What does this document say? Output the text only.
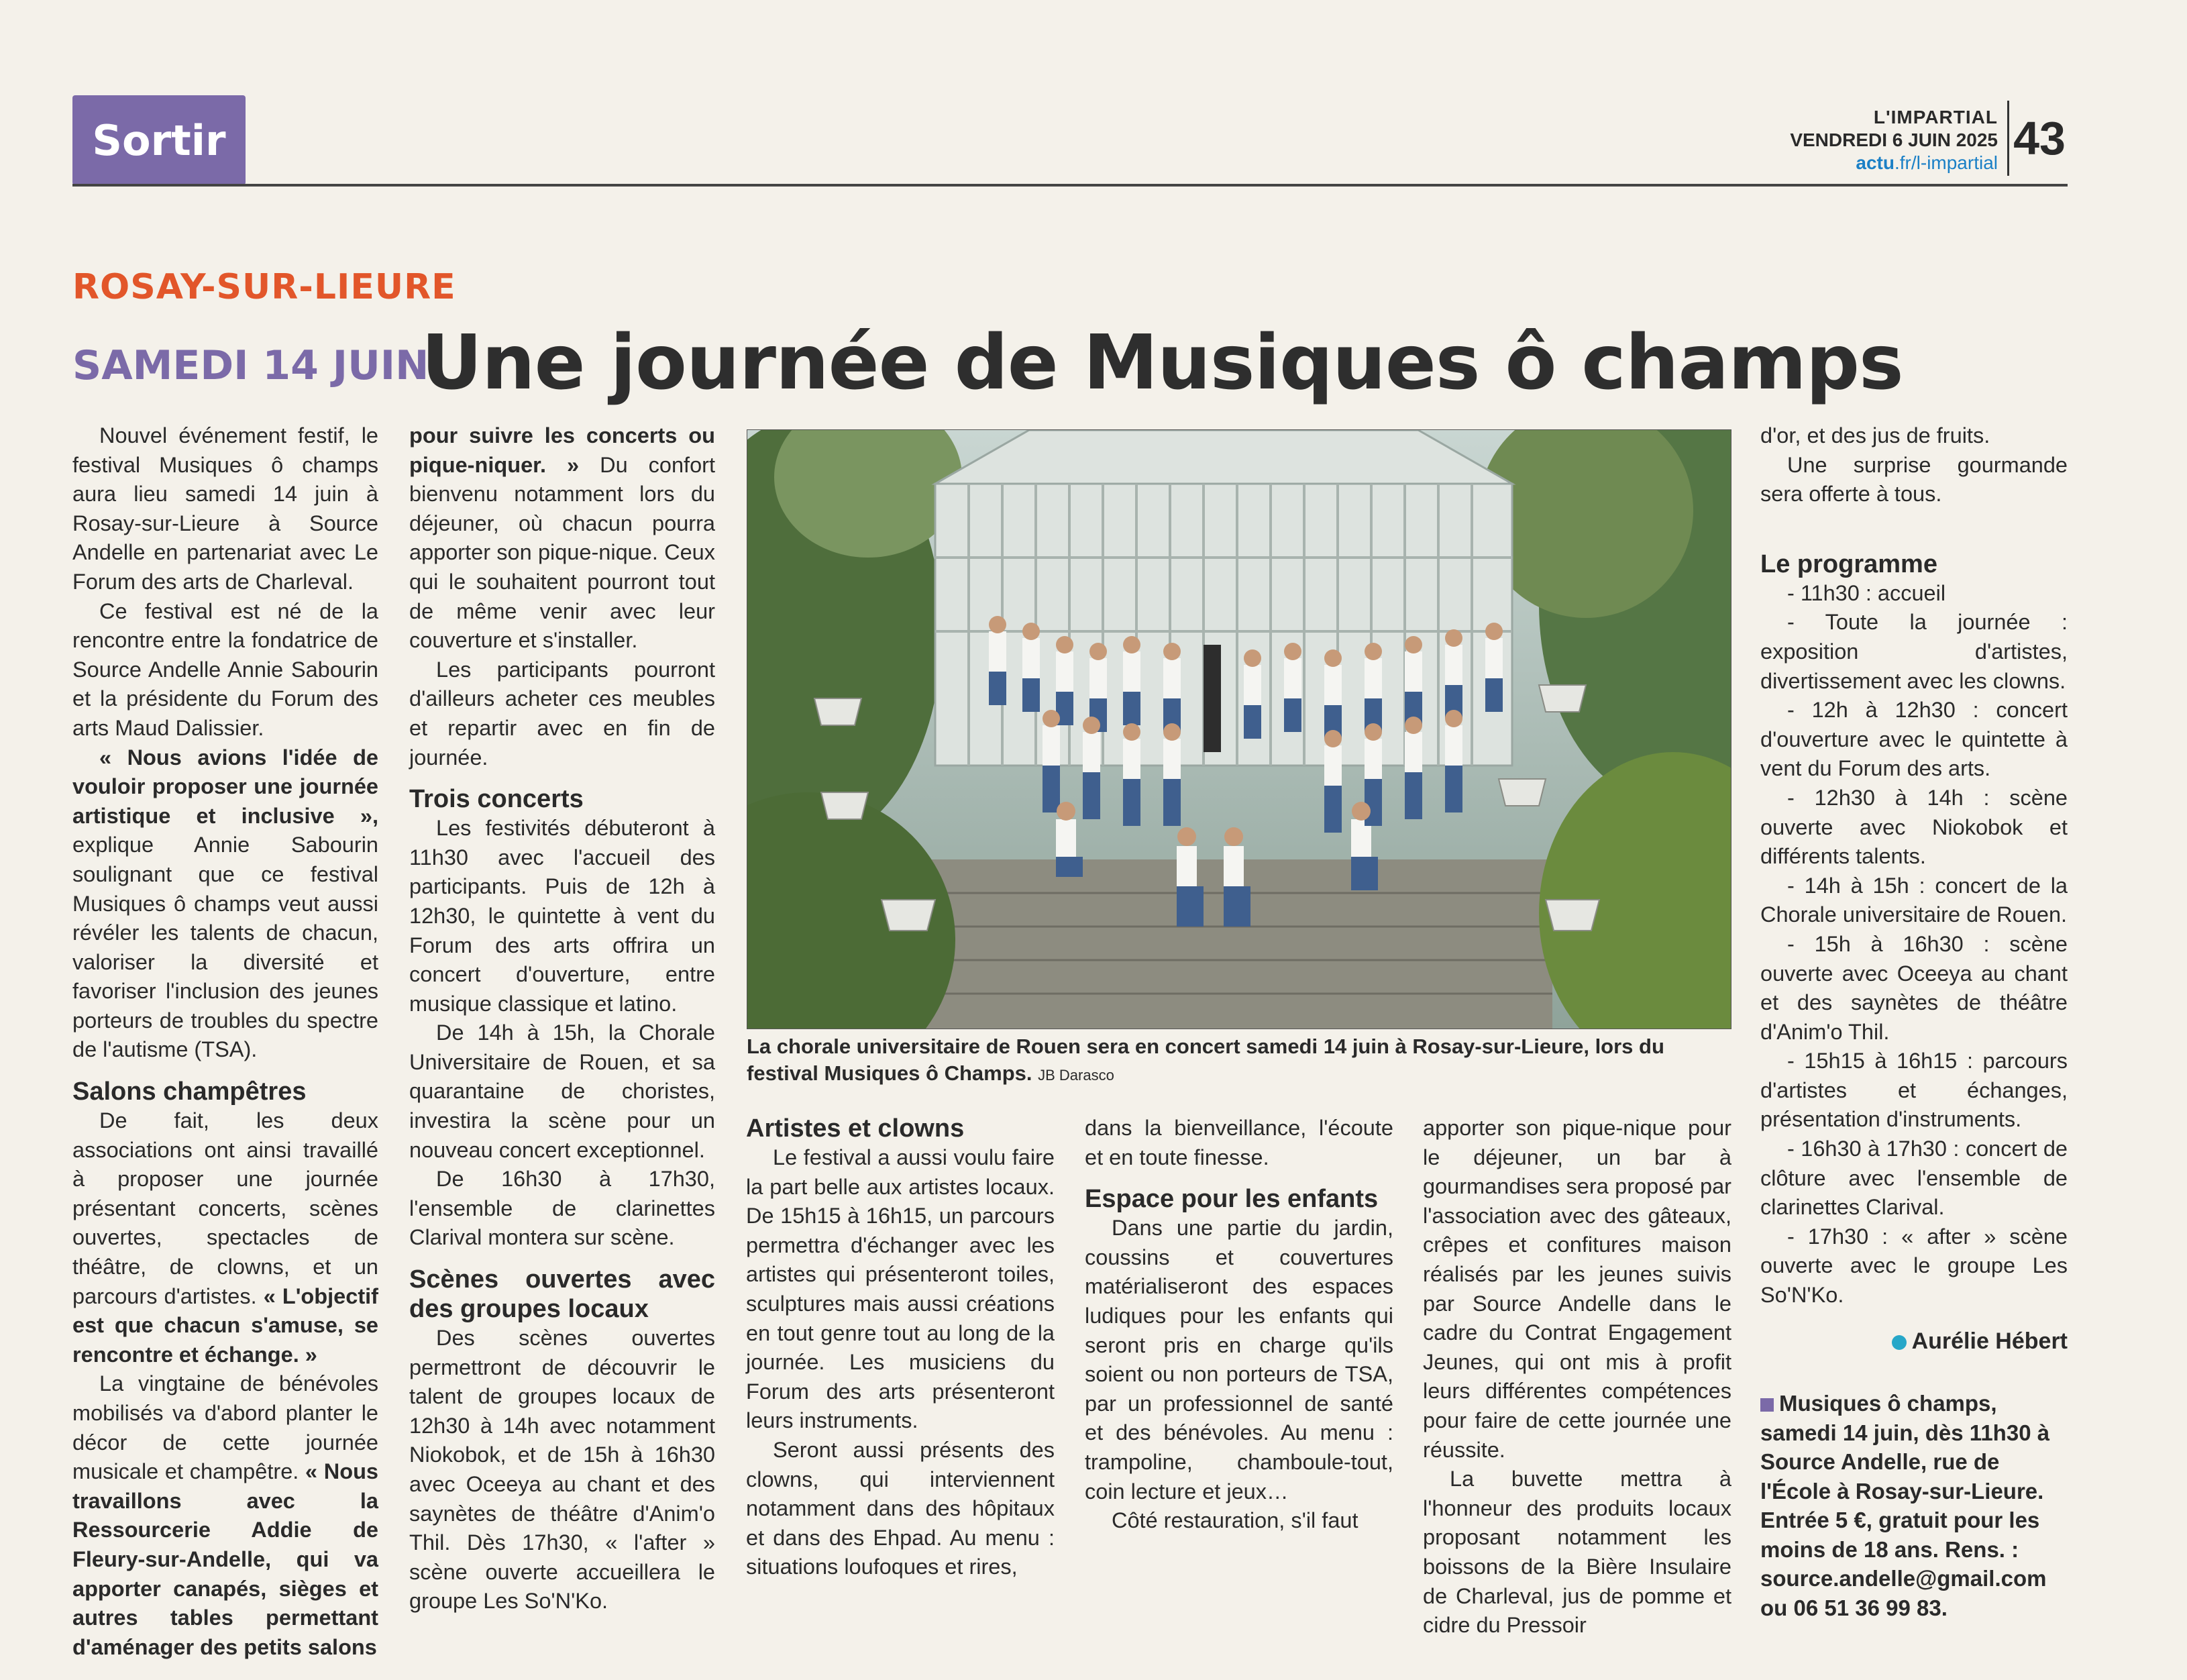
Sortir	L'IMPARTIAL
VENDREDI 6 JUIN 2025
actu.fr/l-impartial 43
ROSAY-SUR-LIEURE
SAMEDI 14 JUIN.
Une journée de Musiques ô champs

Nouvel événement festif, le festival Musiques ô champs aura lieu samedi 14 juin à Rosay-sur-Lieure à Source Andelle en partenariat avec Le Forum des arts de Charleval.

Ce festival est né de la rencontre entre la fondatrice de Source Andelle Annie Sabourin et la présidente du Forum des arts Maud Dalissier.

« Nous avions l'idée de vouloir proposer une journée artistique et inclusive », explique Annie Sabourin soulignant que ce festival Musiques ô champs veut aussi révéler les talents de chacun, valoriser la diversité et favoriser l'inclusion des jeunes porteurs de troubles du spectre de l'autisme (TSA).

Salons champêtres

De fait, les deux associations ont ainsi travaillé à proposer une journée présentant concerts, scènes ouvertes, spectacles de théâtre, de clowns, et un parcours d'artistes. « L'objectif est que chacun s'amuse, se rencontre et échange. »

La vingtaine de bénévoles mobilisés va d'abord planter le décor de cette journée musicale et champêtre. « Nous travaillons avec la Ressourcerie Addie de Fleury-sur-Andelle, qui va apporter canapés, sièges et autres tables permettant d'aménager des petits salons

pour suivre les concerts ou pique-niquer. » Du confort bienvenu notamment lors du déjeuner, où chacun pourra apporter son pique-nique. Ceux qui le souhaitent pourront tout de même venir avec leur couverture et s'installer.

Les participants pourront d'ailleurs acheter ces meubles et repartir avec en fin de journée.

Trois concerts

Les festivités débuteront à 11h30 avec l'accueil des participants. Puis de 12h à 12h30, le quintette à vent du Forum des arts offrira un concert d'ouverture, entre musique classique et latino.

De 14h à 15h, la Chorale Universitaire de Rouen, et sa quarantaine de choristes, investira la scène pour un nouveau concert exceptionnel.

De 16h30 à 17h30, l'ensemble de clarinettes Clarival montera sur scène.

Scènes ouvertes avec des groupes locaux

Des scènes ouvertes permettront de découvrir le talent de groupes locaux de 12h30 à 14h avec notamment Niokobok, et de 15h à 16h30 avec Oceeya au chant et des saynètes de théâtre d'Anim'o Thil. Dès 17h30, « l'after » scène ouverte accueillera le groupe Les So'N'Ko.

La chorale universitaire de Rouen sera en concert samedi 14 juin à Rosay-sur-Lieure, lors du festival Musiques ô Champs. JB Darasco
Artistes et clowns

Le festival a aussi voulu faire la part belle aux artistes locaux. De 15h15 à 16h15, un parcours permettra d'échanger avec les artistes qui présenteront toiles, sculptures mais aussi créations en tout genre tout au long de la journée. Les musiciens du Forum des arts présenteront leurs instruments.

Seront aussi présents des clowns, qui interviennent notamment dans des hôpitaux et dans des Ehpad. Au menu : situations loufoques et rires,

dans la bienveillance, l'écoute et en toute finesse.

Espace pour les enfants

Dans une partie du jardin, coussins et couvertures matérialiseront des espaces ludiques pour les enfants qui seront pris en charge qu'ils soient ou non porteurs de TSA, par un professionnel de santé et des bénévoles. Au menu : trampoline, chamboule-tout, coin lecture et jeux…

Côté restauration, s'il faut

apporter son pique-nique pour le déjeuner, un bar à gourmandises sera proposé par l'association avec des gâteaux, crêpes et confitures maison réalisés par les jeunes suivis par Source Andelle dans le cadre du Contrat Engagement Jeunes, qui ont mis à profit leurs différentes compétences pour faire de cette journée une réussite.

La buvette mettra à l'honneur des produits locaux proposant notamment les boissons de la Bière Insulaire de Charleval, jus de pomme et cidre du Pressoir

d'or, et des jus de fruits.

Une surprise gourmande sera offerte à tous.

Le programme

- 11h30 : accueil

- Toute la journée : exposition d'artistes, divertissement avec les clowns.

- 12h à 12h30 : concert d'ouverture avec le quintette à vent du Forum des arts.

- 12h30 à 14h : scène ouverte avec Niokobok et différents talents.

- 14h à 15h : concert de la Chorale universitaire de Rouen.

- 15h à 16h30 : scène ouverte avec Oceeya au chant et des saynètes de théâtre d'Anim'o Thil.

- 15h15 à 16h15 : parcours d'artistes et échanges, présentation d'instruments.

- 16h30 à 17h30 : concert de clôture avec l'ensemble de clarinettes Clarival.

- 17h30 : « after » scène ouverte avec le groupe Les So'N'Ko.

Aurélie Hébert
Musiques ô champs, samedi 14 juin, dès 11h30 à Source Andelle, rue de l'École à Rosay-sur-Lieure. Entrée 5 €, gratuit pour les moins de 18 ans. Rens. : source.andelle@gmail.com ou 06 51 36 99 83.
